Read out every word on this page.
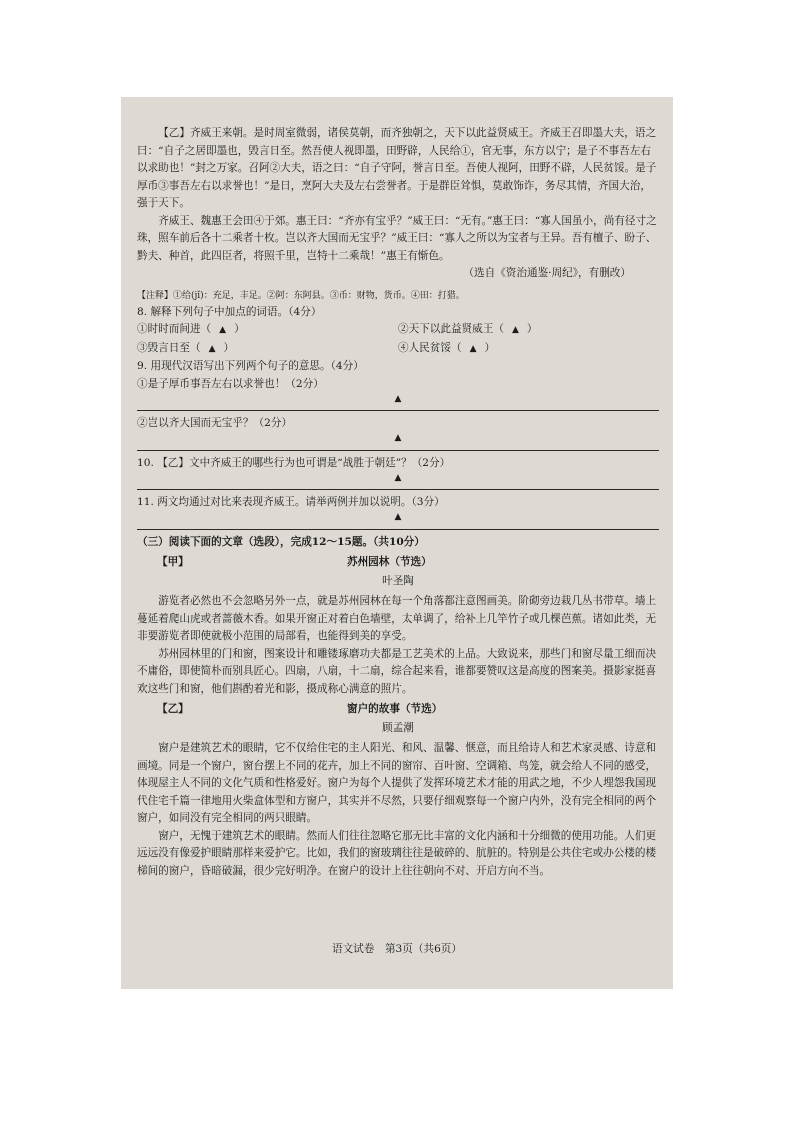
【乙】齐威王来朝。是时周室微弱，诸侯莫朝，而齐独朝之，天下以此益贤威王。齐威王召即墨大夫，语之曰：“自子之居即墨也，毁言日至。然吾使人视即墨，田野辟，人民给①，官无事，东方以宁；是子不事吾左右以求助也！”封之万家。召阿②大夫，语之曰：“自子守阿，誉言日至。吾使人视阿，田野不辟，人民贫馁。是子厚币③事吾左右以求誉也！”是日，烹阿大夫及左右尝誉者。于是群臣耸惧，莫敢饰诈，务尽其情，齐国大治，强于天下。

齐威王、魏惠王会田④于郊。惠王曰：“齐亦有宝乎？”威王曰：“无有。”惠王曰：“寡人国虽小，尚有径寸之珠，照车前后各十二乘者十枚。岂以齐大国而无宝乎？”威王曰：“寡人之所以为宝者与王异。吾有檀子、盼子、黔夫、种首，此四臣者，将照千里，岂特十二乘哉！”惠王有惭色。

（选自《资治通鉴·周纪》，有删改）

【注释】①给(jǐ)：充足，丰足。②阿：东阿县。③币：财物，货币。④田：打猎。

8. 解释下列句子中加点的词语。（4分）

①时时而间进（ ▲ ）	②天下以此益贤威王（ ▲ ）
③毁言日至（ ▲ ）	④人民贫馁（ ▲ ）

9. 用现代汉语写出下列两个句子的意思。（4分）

①是子厚币事吾左右以求誉也！（2分）

▲

②岂以齐大国而无宝乎？（2分）

▲

10. 【乙】文中齐威王的哪些行为也可谓是“战胜于朝廷”？（2分）

▲

11. 两文均通过对比来表现齐威王。请举两例并加以说明。（3分）

▲

（三）阅读下面的文章（选段），完成12～15题。（共10分）

【甲】	苏州园林（节选）

叶圣陶

游览者必然也不会忽略另外一点，就是苏州园林在每一个角落都注意图画美。阶砌旁边栽几丛书带草。墙上蔓延着爬山虎或者蔷薇木香。如果开窗正对着白色墙壁，太单调了，给补上几竿竹子或几棵芭蕉。诸如此类，无非要游览者即使就极小范围的局部看，也能得到美的享受。

苏州园林里的门和窗，图案设计和雕镂琢磨功夫都是工艺美术的上品。大致说来，那些门和窗尽量工细而决不庸俗，即使简朴而别具匠心。四扇，八扇，十二扇，综合起来看，谁都要赞叹这是高度的图案美。摄影家挺喜欢这些门和窗，他们斟酌着光和影，摄成称心满意的照片。

【乙】	窗户的故事（节选）

顾孟潮

窗户是建筑艺术的眼睛，它不仅给住宅的主人阳光、和风、温馨、惬意，而且给诗人和艺术家灵感、诗意和画境。同是一个窗户，窗台摆上不同的花卉，加上不同的窗帘、百叶窗、空调箱、鸟笼，就会给人不同的感受，体现屋主人不同的文化气质和性格爱好。窗户为每个人提供了发挥环境艺术才能的用武之地，不少人埋怨我国现代住宅千篇一律地用火柴盒体型和方窗户，其实并不尽然，只要仔细观察每一个窗户内外，没有完全相同的两个窗户，如同没有完全相同的两只眼睛。

窗户，无愧于建筑艺术的眼睛。然而人们往往忽略它那无比丰富的文化内涵和十分细微的使用功能。人们更远远没有像爱护眼睛那样来爱护它。比如，我们的窗玻璃往往是破碎的、肮脏的。特别是公共住宅或办公楼的楼梯间的窗户，昏暗破漏，很少完好明净。在窗户的设计上往往朝向不对、开启方向不当。

语文试卷　第3页（共6页）
